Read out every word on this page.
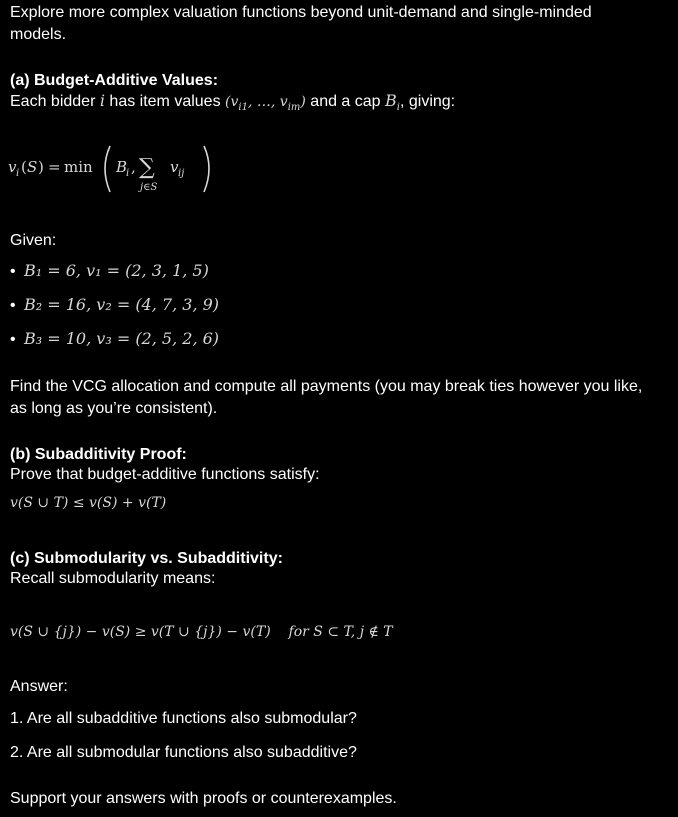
Explore more complex valuation functions beyond unit-demand and single-minded
models.
(a) Budget-Additive Values:
Each bidder i has item values ($v_{i1}$, …, $v_{im}$) and a cap $B_i$, giving:
v i ( S ) = min B
i , ∑ v ij
j∈S
Given:
• B₁ = 6, v₁ = (2, 3, 1, 5)
• B₂ = 16, v₂ = (4, 7, 3, 9)
• B₃ = 10, v₃ = (2, 5, 2, 6)
Find the VCG allocation and compute all payments (you may break ties however you like,
as long as you’re consistent).
(b) Subadditivity Proof:
Prove that budget-additive functions satisfy:
v(S ∪ T) ≤ v(S) + v(T)
(c) Submodularity vs. Subadditivity:
Recall submodularity means:
v(S ∪ {j}) − v(S) ≥ v(T ∪ {j}) − v(T) for S ⊂ T, j ∉ T
Answer:
1. Are all subadditive functions also submodular?
2. Are all submodular functions also subadditive?
Support your answers with proofs or counterexamples.
